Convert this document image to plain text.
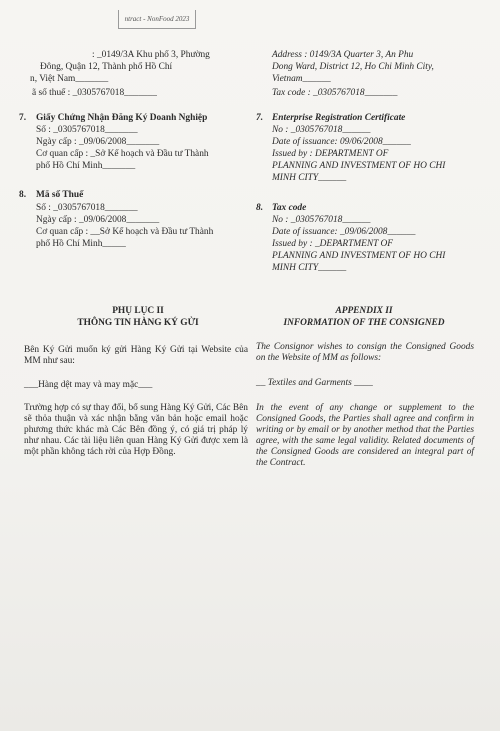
ntract - NonFood 2023
: _0149/3A Khu phố 3, Phường
Đông, Quận 12, Thành phố Hồ Chí
n, Việt Nam_______
ã số thuế : _0305767018_______
Address : 0149/3A Quarter 3, An Phu
Dong Ward, District 12, Ho Chi Minh City,
Vietnam______
Tax code : _0305767018_______
7. Giấy Chứng Nhận Đăng Ký Doanh Nghiệp
Số : _0305767018_______
Ngày cấp : _09/06/2008_______
Cơ quan cấp : _Sở Kế hoạch và Đầu tư Thành
phố Hồ Chí Minh_______
7. Enterprise Registration Certificate
No : _0305767018______
Date of issuance: 09/06/2008______
Issued by : DEPARTMENT OF
PLANNING AND INVESTMENT OF HO CHI
MINH CITY______
8. Mã số Thuế
Số : _0305767018_______
Ngày cấp : _09/06/2008_______
Cơ quan cấp : __Sở Kế hoạch và Đầu tư Thành
phố Hồ Chí Minh_____
8. Tax code
No : _0305767018______
Date of issuance: _09/06/2008______
Issued by : _DEPARTMENT OF
PLANNING AND INVESTMENT OF HO CHI
MINH CITY______
PHỤ LỤC II
THÔNG TIN HÀNG KÝ GỬI
APPENDIX II
INFORMATION OF THE CONSIGNED
Bên Ký Gửi muốn ký gửi Hàng Ký Gửi tại Website của MM như sau:
The Consignor wishes to consign the Consigned Goods on the Website of MM as follows:
___Hàng dệt may và may mặc___	__ Textiles and Garments ____
Trường hợp có sự thay đổi, bổ sung Hàng Ký Gửi, Các Bên sẽ thỏa thuận và xác nhận bằng văn bản hoặc email hoặc phương thức khác mà Các Bên đồng ý, có giá trị pháp lý như nhau. Các tài liệu liên quan Hàng Ký Gửi được xem là một phần không tách rời của Hợp Đồng.
In the event of any change or supplement to the Consigned Goods, the Parties shall agree and confirm in writing or by email or by another method that the Parties agree, with the same legal validity. Related documents of the Consigned Goods are considered an integral part of the Contract.
